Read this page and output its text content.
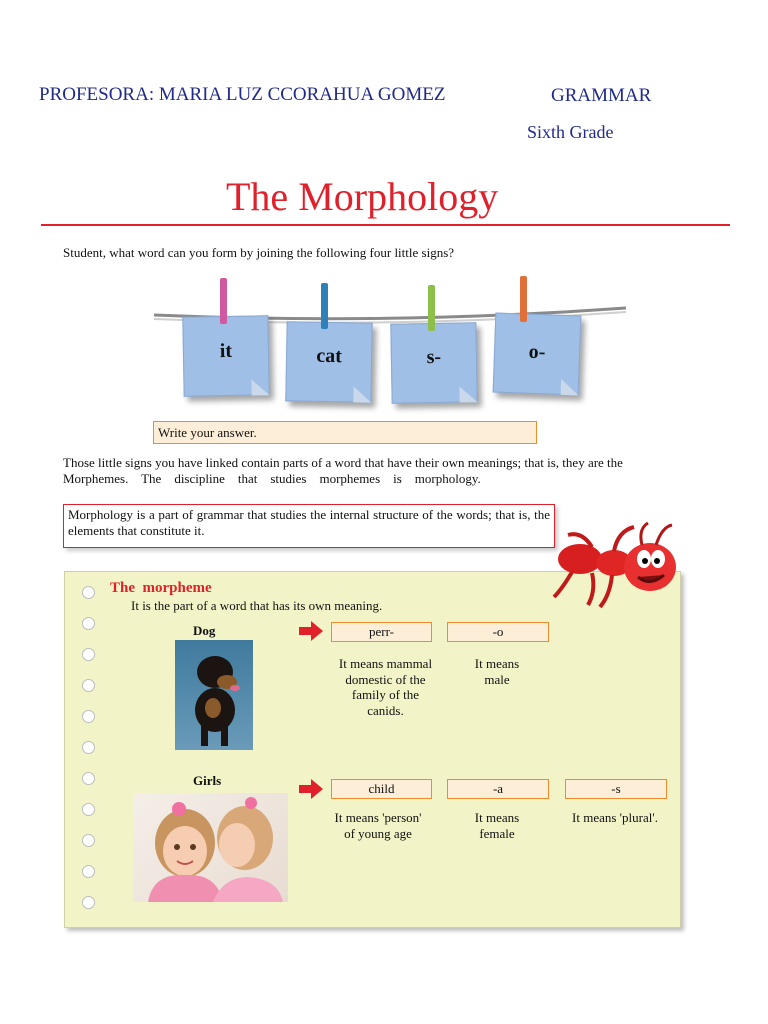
PROFESORA: MARIA LUZ CCORAHUA GOMEZ	GRAMMAR
Sixth Grade
The Morphology
Student, what word can you form by joining the following four little signs?
it	cat	s-	o-
Write your answer.
Those little signs you have linked contain parts of a word that have their own meanings; that is, they are the
Morphemes.    The    discipline    that    studies    morphemes    is    morphology.
Morphology is a part of grammar that studies the internal structure of the words; that is, the elements that constitute it.
The  morpheme
It is the part of a word that has its own meaning.
Dog	perr-	-o
It means mammal domestic of the family of the canids.
It means male
Girls
child	-a	-s
It means 'person' of young age
It means female
It means 'plural'.
